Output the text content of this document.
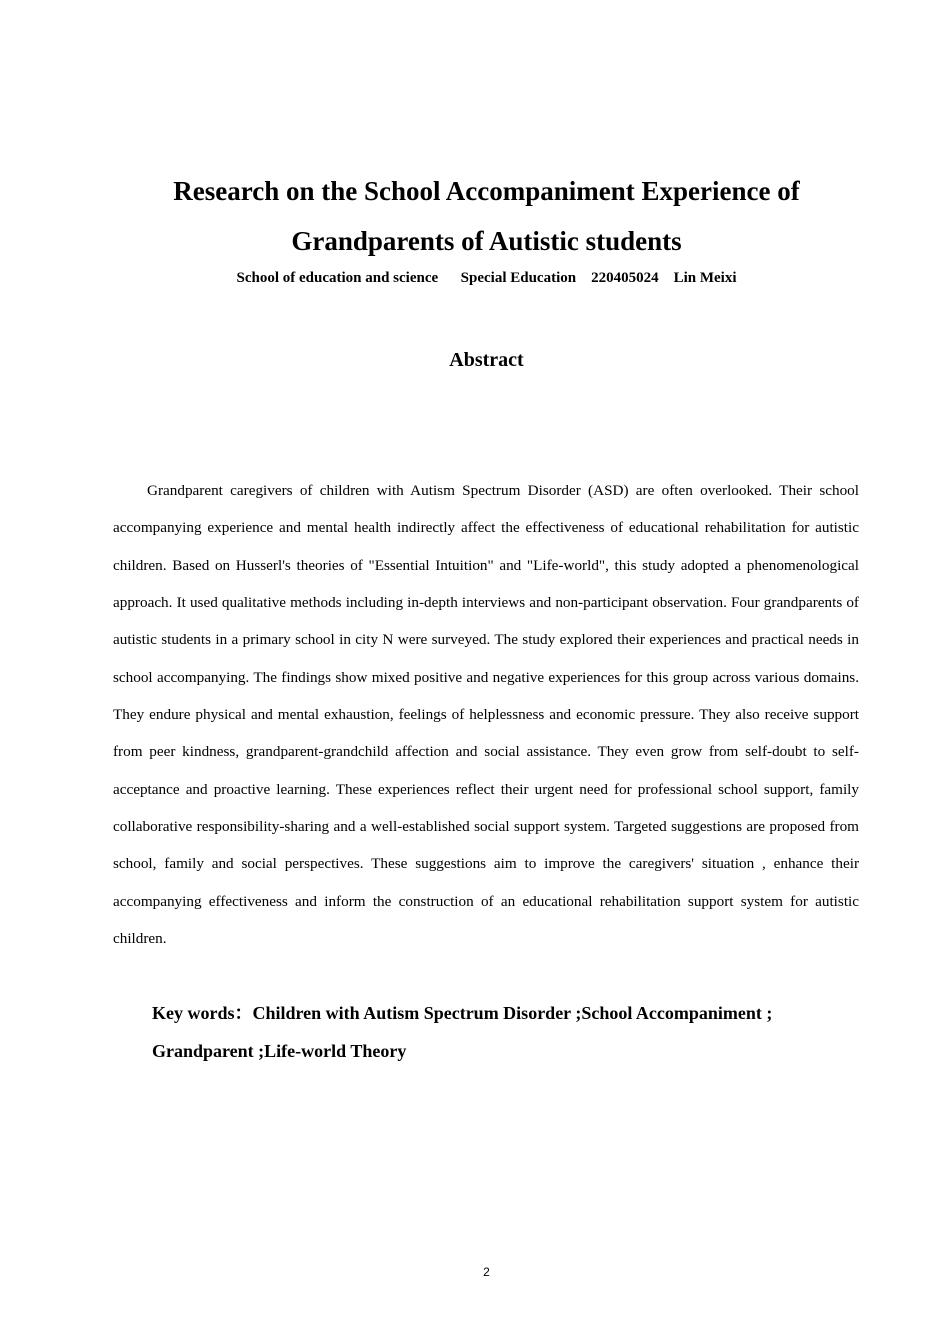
Research on the School Accompaniment Experience of
Grandparents of Autistic students
School of education and science      Special Education    220405024    Lin Meixi
Abstract

Grandparent caregivers of children with Autism Spectrum Disorder (ASD) are often overlooked. Their school accompanying experience and mental health indirectly affect the effectiveness of educational rehabilitation for autistic children. Based on Husserl's theories of "Essential Intuition" and "Life-world", this study adopted a phenomenological approach. It used qualitative methods including in-depth interviews and non-participant observation. Four grandparents of autistic students in a primary school in city N were surveyed. The study explored their experiences and practical needs in school accompanying. The findings show mixed positive and negative experiences for this group across various domains. They endure physical and mental exhaustion, feelings of helplessness and economic pressure. They also receive support from peer kindness, grandparent-grandchild affection and social assistance. They even grow from self-doubt to self-acceptance and proactive learning. These experiences reflect their urgent need for professional school support, family collaborative responsibility-sharing and a well-established social support system. Targeted suggestions are proposed from school, family and social perspectives. These suggestions aim to improve the caregivers' situation , enhance their accompanying effectiveness and inform the construction of an educational rehabilitation support system for autistic children.

Key words：Children with Autism Spectrum Disorder ;School Accompaniment ;
Grandparent ;Life-world Theory
2
